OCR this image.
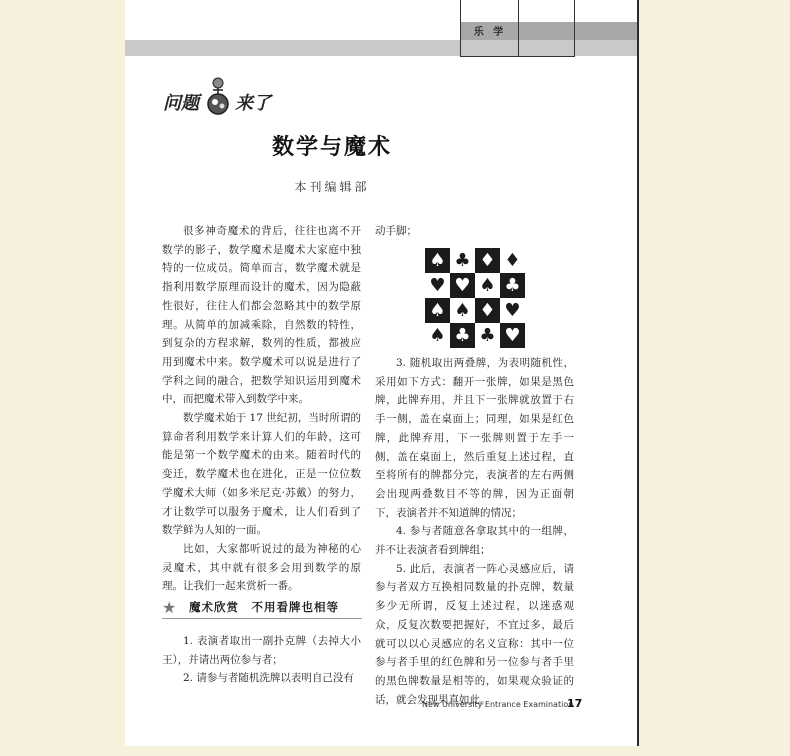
乐 学
问题 来了
数学与魔术
本刊编辑部

很多神奇魔术的背后，往往也离不开数学的影子，数学魔术是魔术大家庭中独特的一位成员。简单而言，数学魔术就是指利用数学原理而设计的魔术，因为隐蔽性很好，往往人们都会忽略其中的数学原理。从简单的加减乘除，自然数的特性，到复杂的方程求解，数列的性质，都被应用到魔术中来。数学魔术可以说是进行了学科之间的融合，把数学知识运用到魔术中，而把魔术带入到数学中来。

数学魔术始于 17 世纪初，当时所谓的算命者利用数学来计算人们的年龄，这可能是第一个数学魔术的由来。随着时代的变迁，数学魔术也在进化，正是一位位数学魔术大师（如多米尼克·苏戴）的努力，才让数学可以服务于魔术，让人们看到了数学鲜为人知的一面。

比如，大家都听说过的最为神秘的心灵魔术，其中就有很多会用到数学的原理。让我们一起来赏析一番。

★ 魔术欣赏　不用看牌也相等

1. 表演者取出一副扑克牌（去掉大小王），并请出两位参与者；

2. 请参与者随机洗牌以表明自己没有

动手脚；

♠ ♣ ♦ ♦
♥ ♥ ♠ ♣
♠ ♠ ♦ ♥
♠ ♣ ♣ ♥

3. 随机取出两叠牌，为表明随机性，采用如下方式：翻开一张牌，如果是黑色牌，此牌弃用，并且下一张牌就放置于右手一侧，盖在桌面上；同理，如果是红色牌，此牌弃用，下一张牌则置于左手一侧，盖在桌面上，然后重复上述过程，直至将所有的牌都分完，表演者的左右两侧会出现两叠数目不等的牌，因为正面朝下，表演者并不知道牌的情况；

4. 参与者随意各拿取其中的一组牌，并不让表演者看到牌组；

5. 此后，表演者一阵心灵感应后，请参与者双方互换相同数量的扑克牌，数量多少无所谓，反复上述过程，以迷惑观众，反复次数要把握好，不宜过多，最后就可以以心灵感应的名义宣称：其中一位参与者手里的红色牌和另一位参与者手里的黑色牌数量是相等的，如果观众验证的话，就会发现果真如此。

New University Entrance Examination
17
